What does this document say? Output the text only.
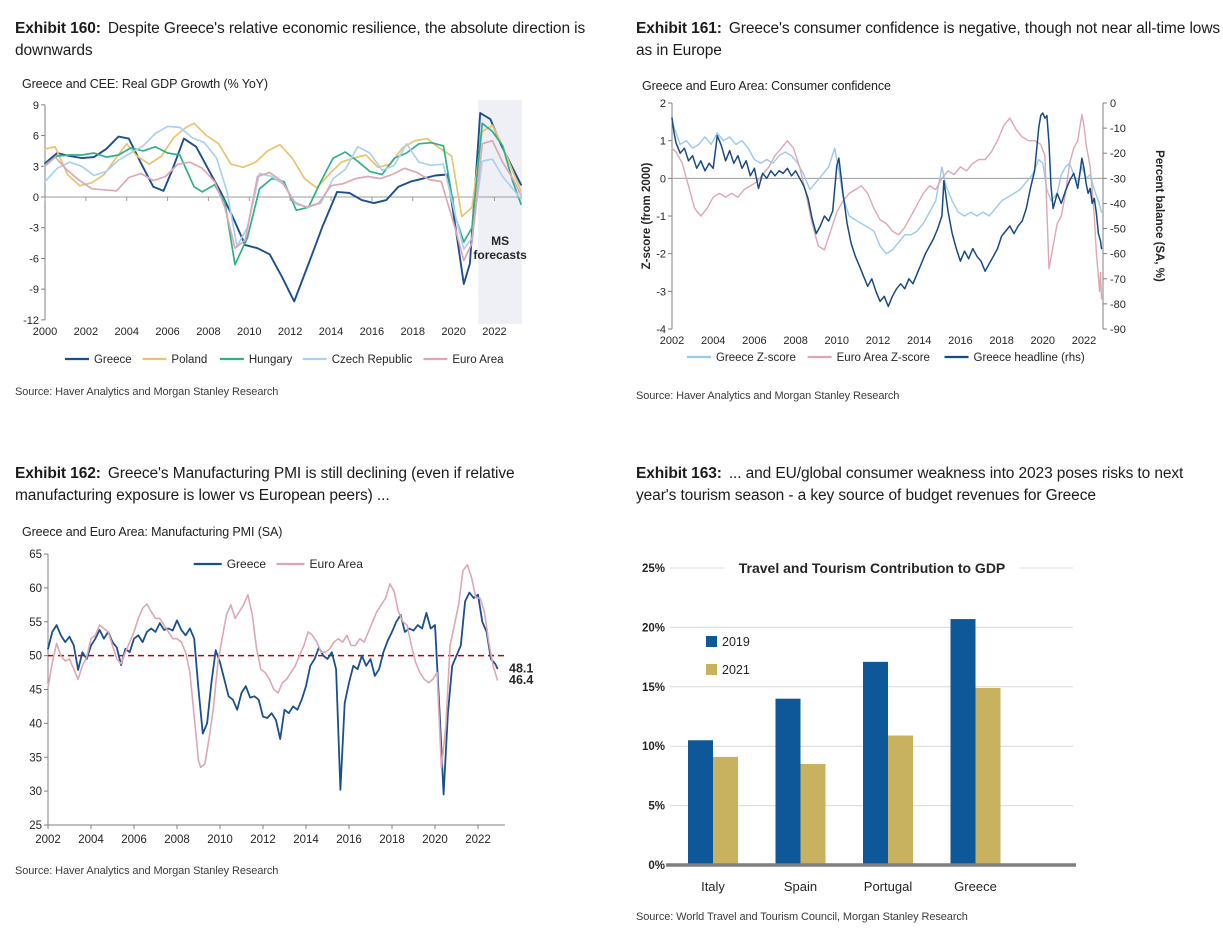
Exhibit 160: Despite Greece's relative economic resilience, the absolute direction is downwards
Greece and CEE: Real GDP Growth (% YoY)
9
6
3
0
-3
-6
-9
-12
2000 2002 2004 2006 2008 2010 2012 2014 2016 2018 2020 2022
MS
forecasts
Greece	Poland	Hungary	Czech Republic	Euro Area
Source: Haver Analytics and Morgan Stanley Research
Exhibit 161: Greece's consumer confidence is negative, though not near all-time lows as in Europe
Greece and Euro Area: Consumer confidence
2
1
0
-1
-2
-3
-4
0
-10
-20
-30
-40
-50
-60
-70
-80
-90
Z-score (from 2000)	Percent balance (SA, %)
2002 2004 2006 2008 2010 2012 2014 2016 2018 2020 2022
Greece Z-score	Euro Area Z-score	Greece headline (rhs)
Source: Haver Analytics and Morgan Stanley Research
Exhibit 162: Greece's Manufacturing PMI is still declining (even if relative manufacturing exposure is lower vs European peers) ...
Greece and Euro Area: Manufacturing PMI (SA)
65
60
55
50
45
40
35
30
25
2002 2004 2006 2008 2010 2012 2014 2016 2018 2020 2022
48.1
46.4
Greece	Euro Area
Source: Haver Analytics and Morgan Stanley Research
Exhibit 163: ... and EU/global consumer weakness into 2023 poses risks to next year's tourism season - a key source of budget revenues for Greece
0%
5%
10%
15%
20%
25%	Travel and Tourism Contribution to GDP
Italy	Spain	Portugal	Greece
2019
2021
Source: World Travel and Tourism Council, Morgan Stanley Research
